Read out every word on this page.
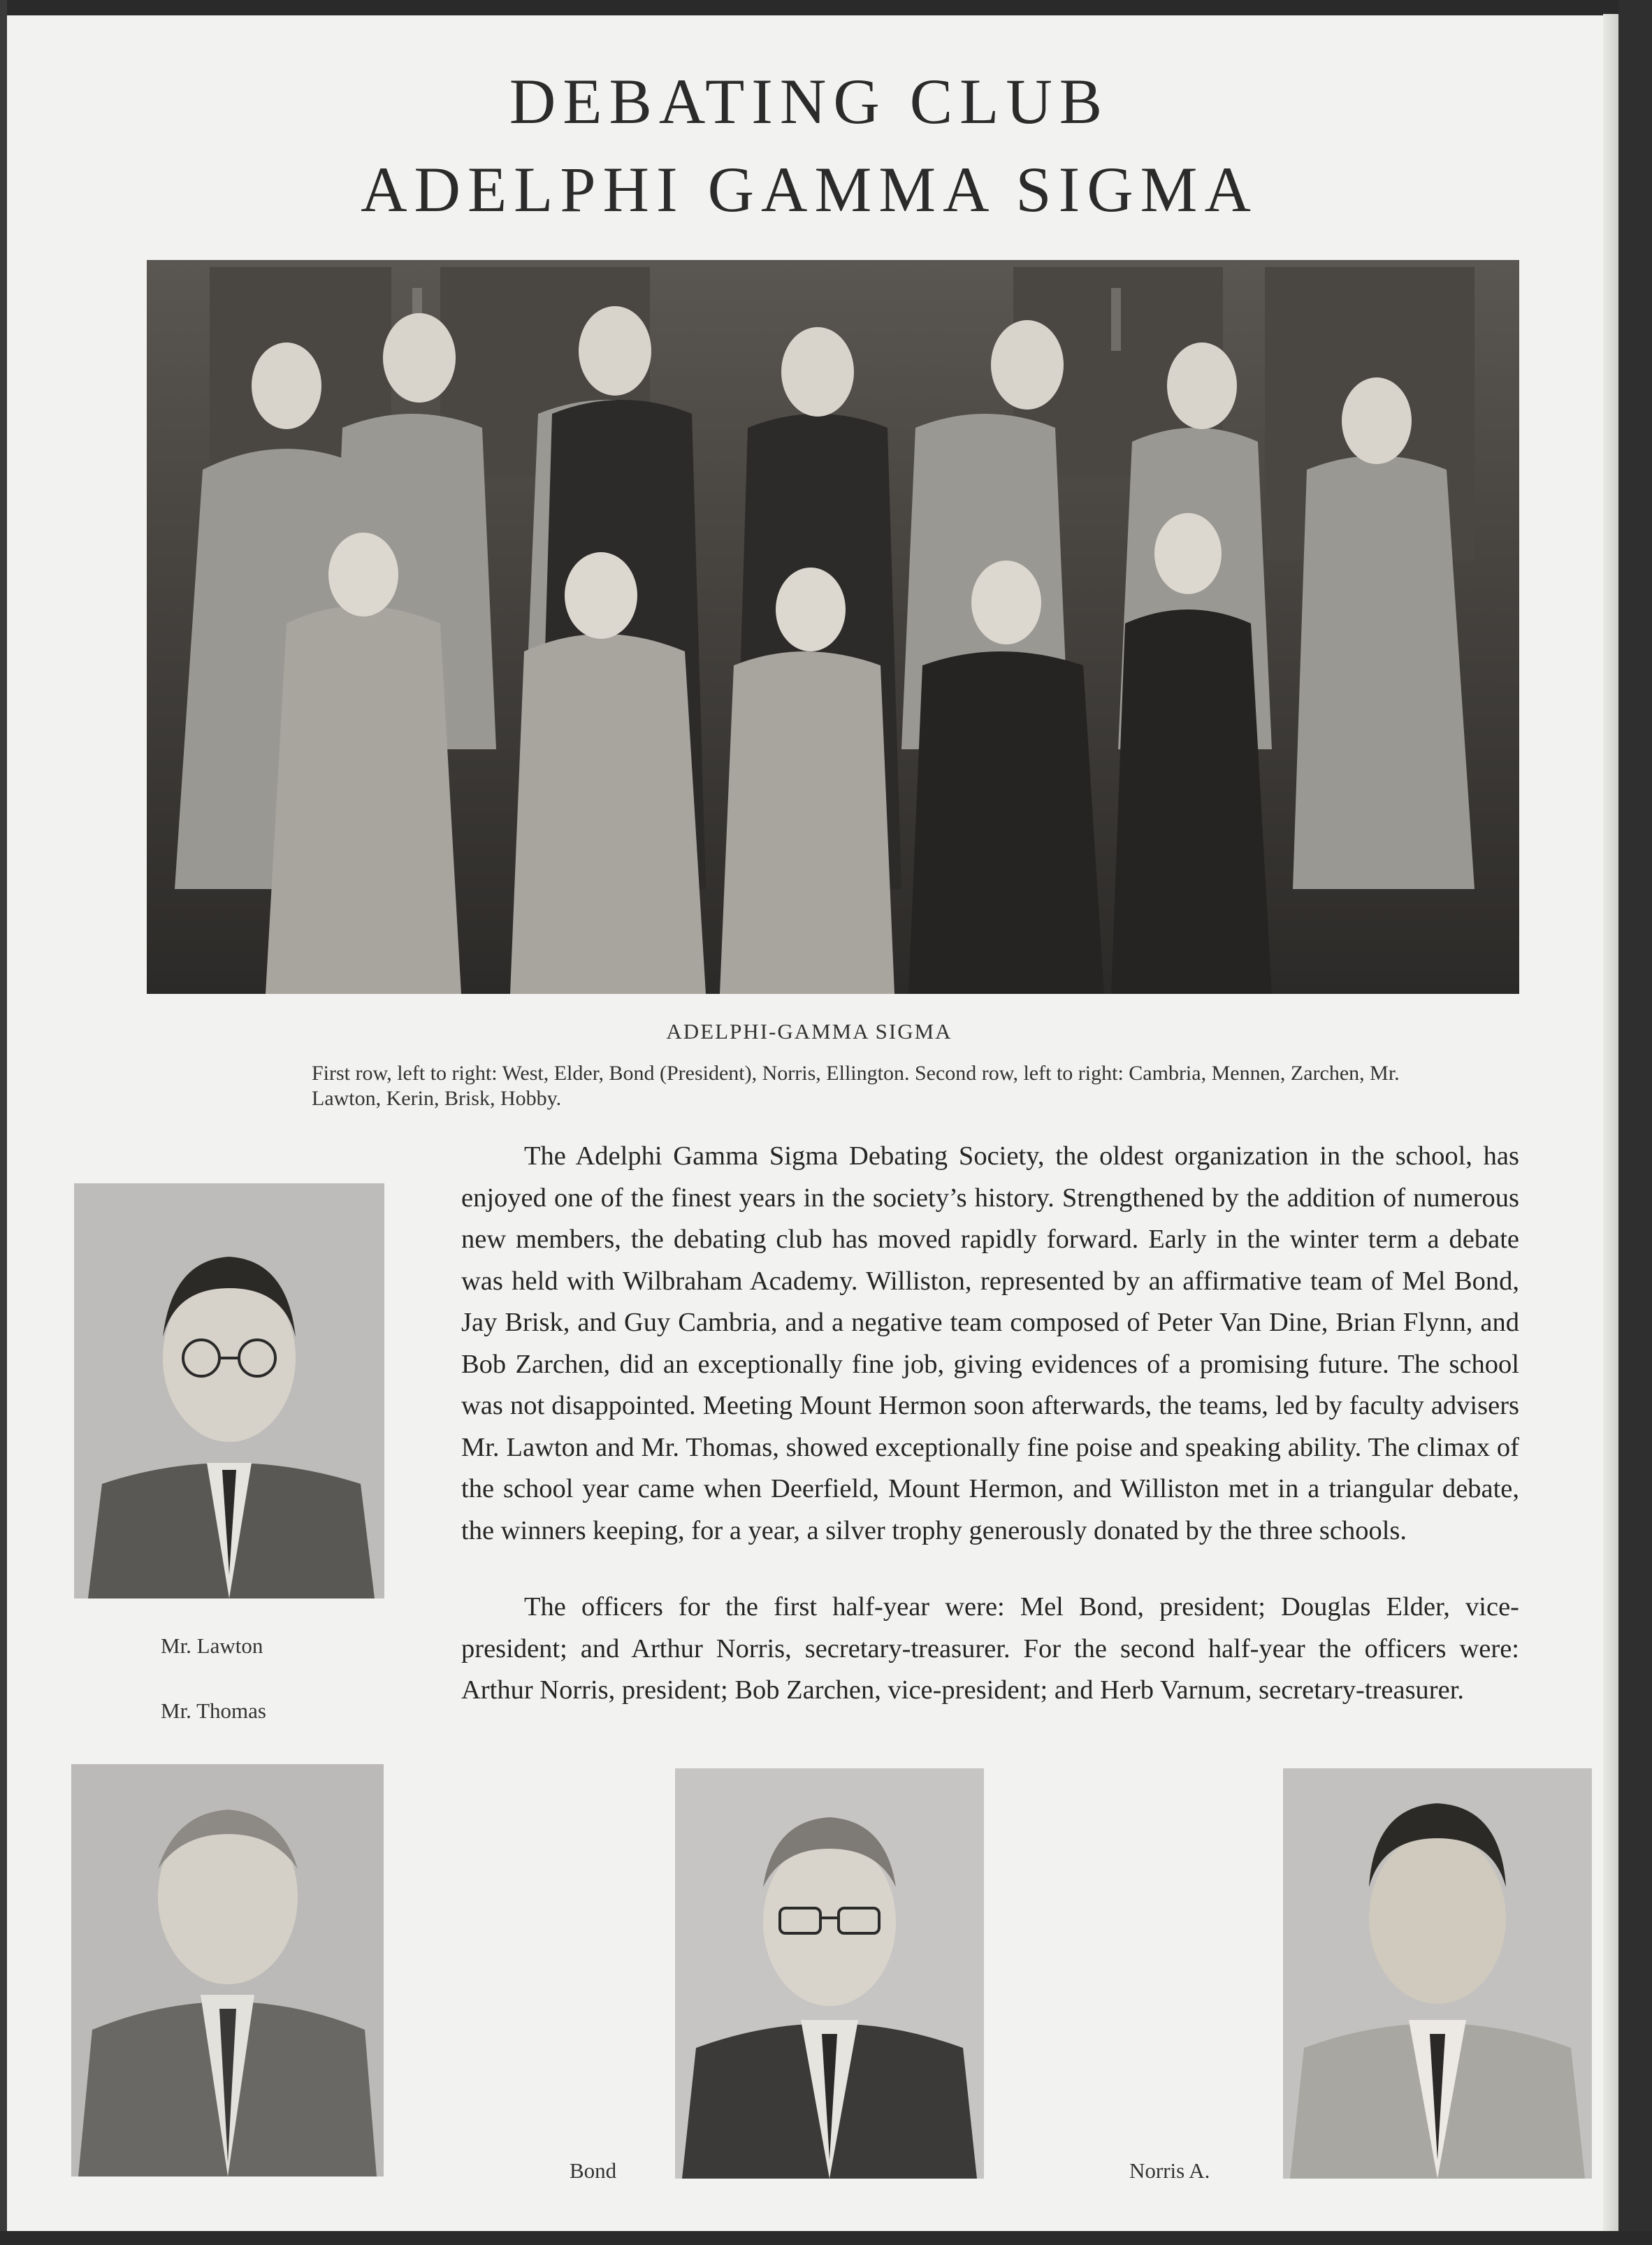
DEBATING CLUB
ADELPHI GAMMA SIGMA
ADELPHI-GAMMA SIGMA
First row, left to right: West, Elder, Bond (President), Norris, Ellington. Second row, left to right: Cambria, Mennen, Zarchen, Mr. Lawton, Kerin, Brisk, Hobby.

The Adelphi Gamma Sigma Debating Society, the oldest organization in the school, has enjoyed one of the finest years in the society’s history. Strengthened by the addition of numerous new members, the debating club has moved rapidly forward. Early in the winter term a debate was held with Wilbraham Academy. Williston, represented by an affirmative team of Mel Bond, Jay Brisk, and Guy Cambria, and a negative team composed of Peter Van Dine, Brian Flynn, and Bob Zarchen, did an exceptionally fine job, giving evidences of a promising future. The school was not disappointed. Meeting Mount Hermon soon afterwards, the teams, led by faculty advisers Mr. Lawton and Mr. Thomas, showed exceptionally fine poise and speaking ability. The climax of the school year came when Deerfield, Mount Hermon, and Williston met in a triangular debate, the winners keeping, for a year, a silver trophy generously donated by the three schools.

The officers for the first half-year were: Mel Bond, president; Douglas Elder, vice-president; and Arthur Norris, secretary-treasurer. For the second half-year the officers were: Arthur Norris, president; Bob Zarchen, vice-president; and Herb Varnum, secretary-treasurer.

Mr. Lawton
Mr. Thomas
Bond	Norris A.
